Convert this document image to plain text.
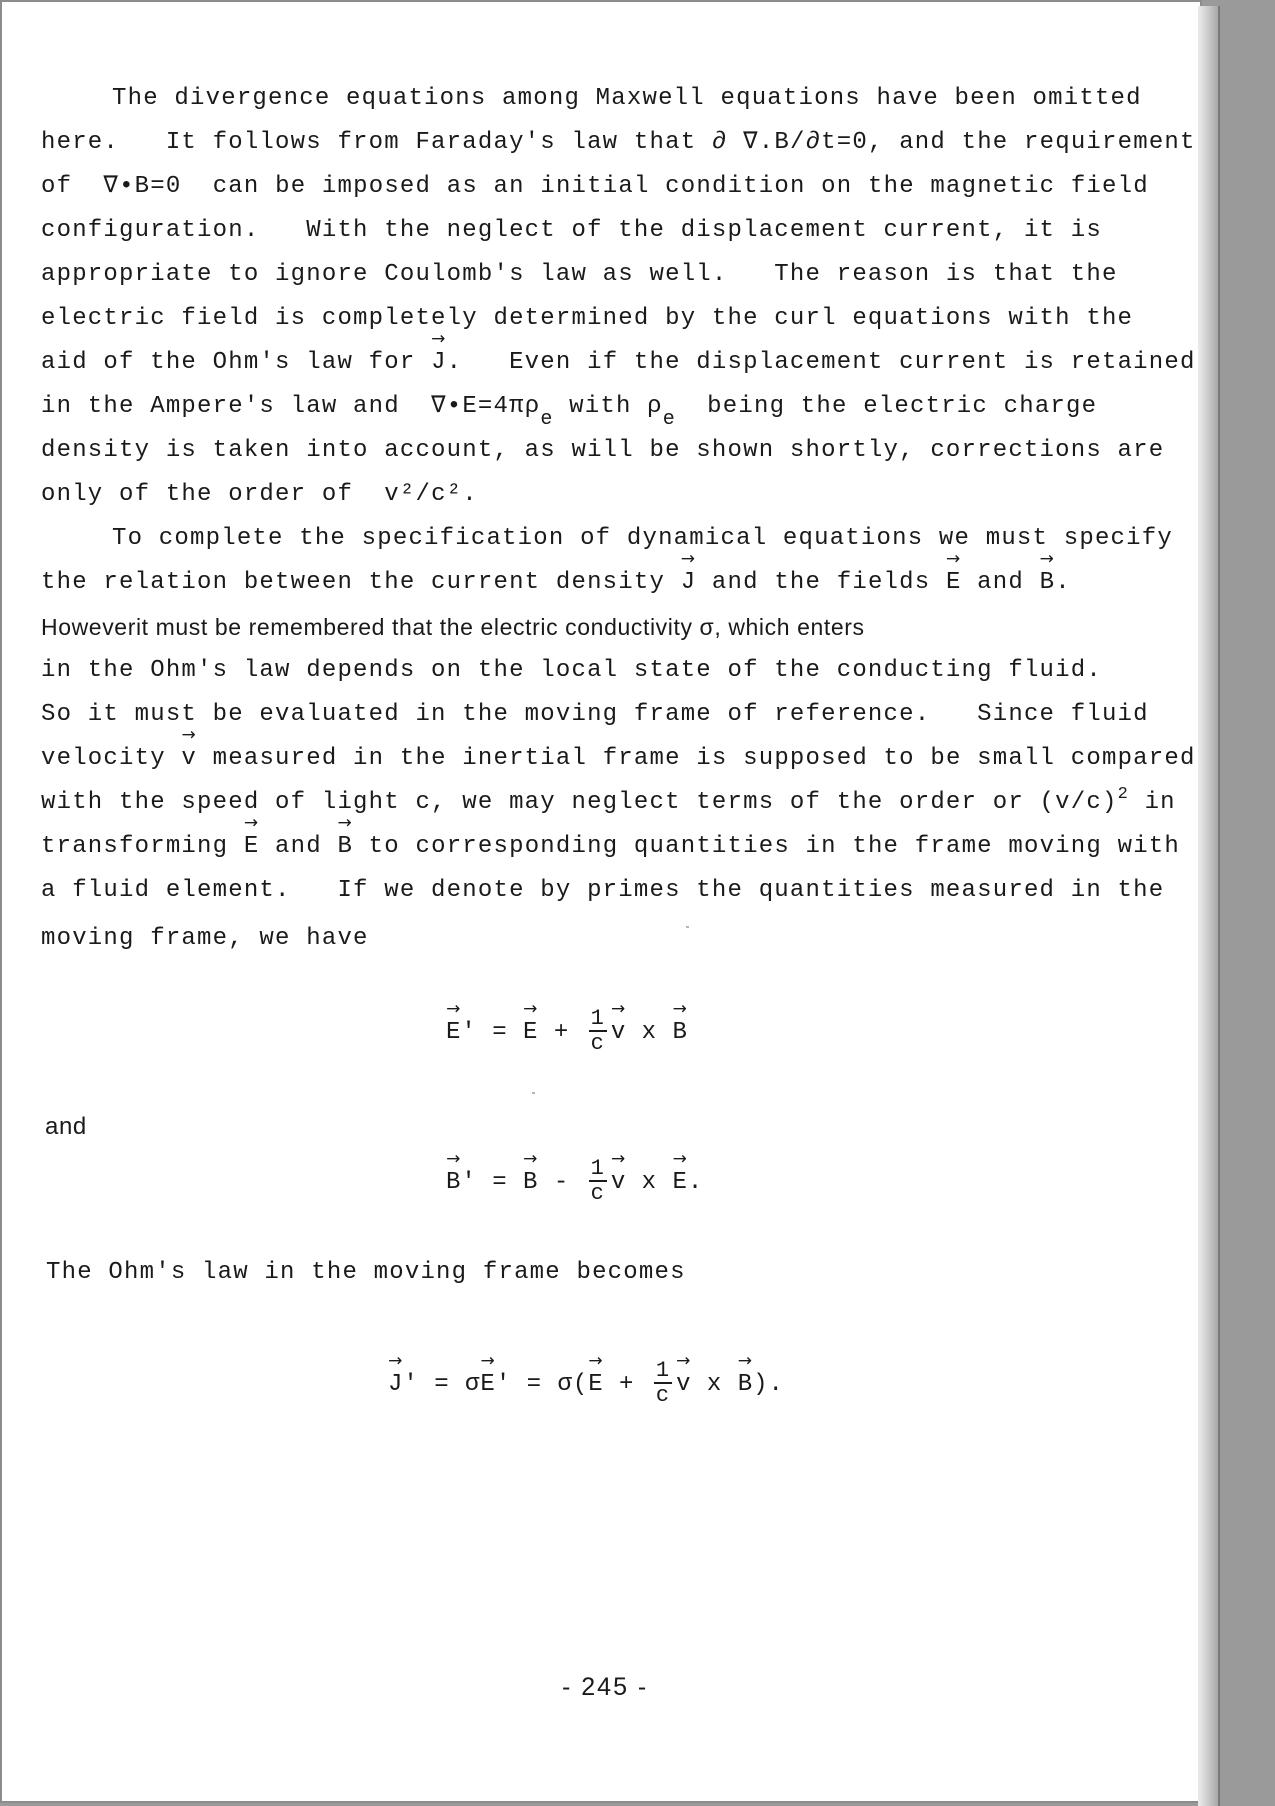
The divergence equations among Maxwell equations have been omitted

here.   It follows from Faraday's law that ∂ ∇.B/∂t=0, and the requirement

of  ∇•B=0  can be imposed as an initial condition on the magnetic field

configuration.   With the neglect of the displacement current, it is

appropriate to ignore Coulomb's law as well.   The reason is that the

electric field is completely determined by the curl equations with the

aid of the Ohm's law for → J.   Even if the displacement current is retained

in the Ampere's law and  $\nabla•E=4\pi\rho_e$ with $\rho_e$  being the electric charge

density is taken into account, as will be shown shortly, corrections are

only of the order of  v²/c².

To complete the specification of dynamical equations we must specify

the relation between the current density → J and the fields → E and → B.

Howeverit must be remembered that the electric conductivity σ, which enters

in the Ohm's law depends on the local state of the conducting fluid.

So it must be evaluated in the moving frame of reference.   Since fluid

velocity → v measured in the inertial frame is supposed to be small compared

with the speed of light c, we may neglect terms of the order or $(v/c)^2$ in

transforming → E and → B to corresponding quantities in the frame moving with

a fluid element.   If we denote by primes the quantities measured in the

moving frame, we have

→ E' = → $E + \frac{1}{c}$
→ v x → B

and

→ B' = → B - $\frac{1}{c}$
→ v x → E.

The Ohm's law in the moving frame becomes

→ $J' = \sigma\to E' = \sigma(\to E + \frac{1}{c}$
→ v x → B).

- 245 -
